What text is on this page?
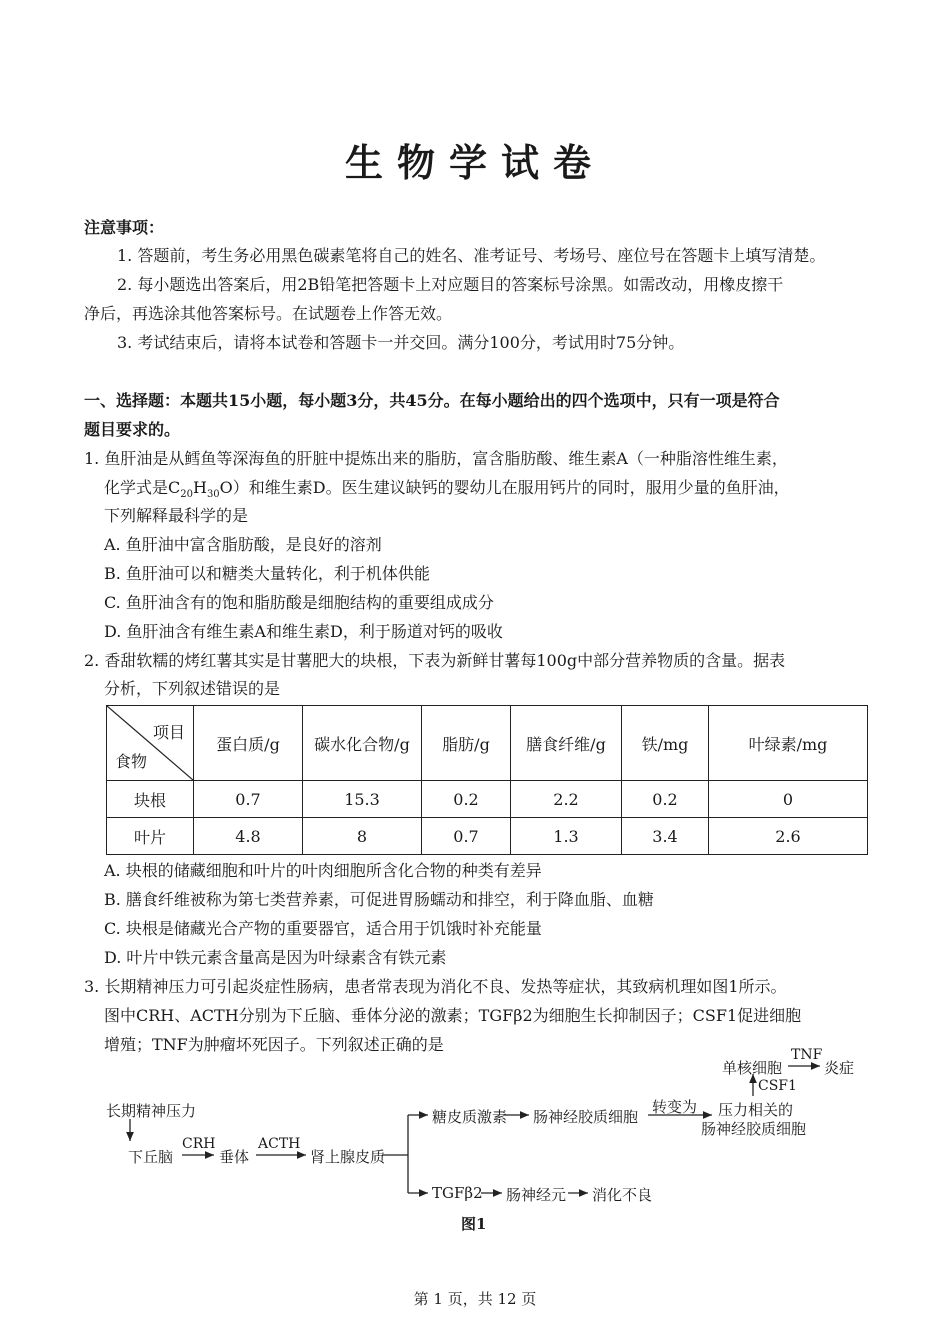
生物学试卷
注意事项：
1. 答题前，考生务必用黑色碳素笔将自己的姓名、准考证号、考场号、座位号在答题卡上填写清楚。
2. 每小题选出答案后，用2B铅笔把答题卡上对应题目的答案标号涂黑。如需改动，用橡皮擦干
净后，再选涂其他答案标号。在试题卷上作答无效。
3. 考试结束后，请将本试卷和答题卡一并交回。满分100分，考试用时75分钟。
一、选择题：本题共15小题，每小题3分，共45分。在每小题给出的四个选项中，只有一项是符合
题目要求的。
1. 鱼肝油是从鳕鱼等深海鱼的肝脏中提炼出来的脂肪，富含脂肪酸、维生素A（一种脂溶性维生素，
化学式是$C_{20}H_{30}O$）和维生素D。医生建议缺钙的婴幼儿在服用钙片的同时，服用少量的鱼肝油，
下列解释最科学的是
A. 鱼肝油中富含脂肪酸，是良好的溶剂
B. 鱼肝油可以和糖类大量转化，利于机体供能
C. 鱼肝油含有的饱和脂肪酸是细胞结构的重要组成成分
D. 鱼肝油含有维生素A和维生素D，利于肠道对钙的吸收
2. 香甜软糯的烤红薯其实是甘薯肥大的块根，下表为新鲜甘薯每100g中部分营养物质的含量。据表
分析，下列叙述错误的是
项目
食物	蛋白质/g	碳水化合物/g	脂肪/g	膳食纤维/g	铁/mg	叶绿素/mg
块根	0.7	15.3	0.2	2.2	0.2	0
叶片	4.8	8	0.7	1.3	3.4	2.6
A. 块根的储藏细胞和叶片的叶肉细胞所含化合物的种类有差异
B. 膳食纤维被称为第七类营养素，可促进胃肠蠕动和排空，利于降血脂、血糖
C. 块根是储藏光合产物的重要器官，适合用于饥饿时补充能量
D. 叶片中铁元素含量高是因为叶绿素含有铁元素
3. 长期精神压力可引起炎症性肠病，患者常表现为消化不良、发热等症状，其致病机理如图1所示。
图中CRH、ACTH分别为下丘脑、垂体分泌的激素；TGFβ2为细胞生长抑制因子；CSF1促进细胞
增殖；TNF为肿瘤坏死因子。下列叙述正确的是
长期精神压力
下丘脑
CRH
垂体
ACTH
肾上腺皮质
糖皮质激素 肠神经胶质细胞
转变为 压力相关的
肠神经胶质细胞
单核细胞
TNF
炎症
CSF1
TGFβ2 肠神经元 消化不良
图1
第 1 页，共 12 页
